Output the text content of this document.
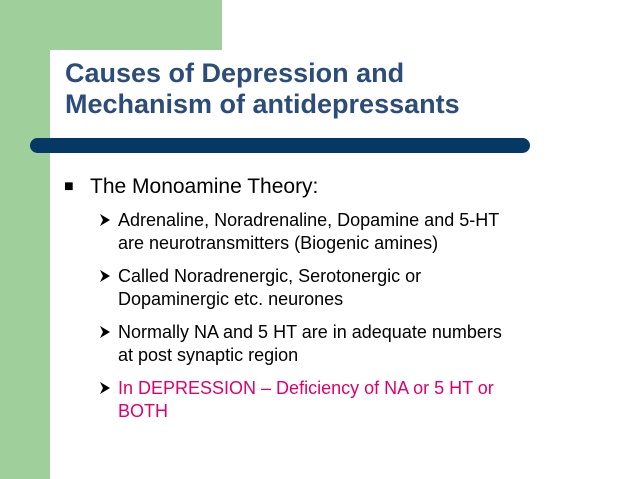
Causes of Depression and
Mechanism of antidepressants
■ The Monoamine Theory:
Adrenaline, Noradrenaline, Dopamine and 5-HT
are neurotransmitters (Biogenic amines)
Called Noradrenergic, Serotonergic or
Dopaminergic etc. neurones
Normally NA and 5 HT are in adequate numbers
at post synaptic region
In DEPRESSION – Deficiency of NA or 5 HT or
BOTH
